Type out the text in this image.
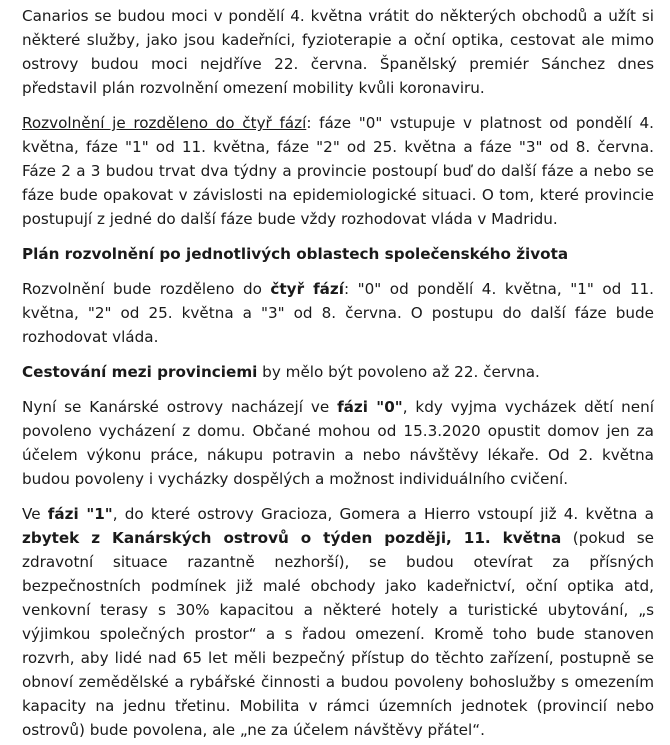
Canarios se budou moci v pondělí 4. května vrátit do některých obchodů a užít si některé služby, jako jsou kadeřníci, fyzioterapie a oční optika, cestovat ale mimo ostrovy budou moci nejdříve 22. června. Španělský premiér Sánchez dnes představil plán rozvolnění omezení mobility kvůli koronaviru.

Rozvolnění je rozděleno do čtyř fází: fáze "0" vstupuje v platnost od pondělí 4. května, fáze "1" od 11. května, fáze "2" od 25. května a fáze "3" od 8. června. Fáze 2 a 3 budou trvat dva týdny a provincie postoupí buď do další fáze a nebo se fáze bude opakovat v závislosti na epidemiologické situaci. O tom, které provincie postupují z jedné do další fáze bude vždy rozhodovat vláda v Madridu.

Plán rozvolnění po jednotlivých oblastech společenského života

Rozvolnění bude rozděleno do čtyř fází: "0" od pondělí 4. května, "1" od 11. května, "2" od 25. května a "3" od 8. června. O postupu do další fáze bude rozhodovat vláda.

Cestování mezi provinciemi by mělo být povoleno až 22. června.

Nyní se Kanárské ostrovy nacházejí ve fázi "0", kdy vyjma vycházek dětí není povoleno vycházení z domu. Občané mohou od 15.3.2020 opustit domov jen za účelem výkonu práce, nákupu potravin a nebo návštěvy lékaře. Od 2. května budou povoleny i vycházky dospělých a možnost individuálního cvičení.

Ve fázi "1", do které ostrovy Gracioza, Gomera a Hierro vstoupí již 4. května a zbytek z Kanárských ostrovů o týden později, 11. května (pokud se zdravotní situace razantně nezhorší), se budou otevírat za přísných bezpečnostních podmínek již malé obchody jako kadeřnictví, oční optika atd, venkovní terasy s 30% kapacitou a některé hotely a turistické ubytování, „s výjimkou společných prostor“ a s řadou omezení. Kromě toho bude stanoven rozvrh, aby lidé nad 65 let měli bezpečný přístup do těchto zařízení, postupně se obnoví zemědělské a rybářské činnosti a budou povoleny bohoslužby s omezením kapacity na jednu třetinu. Mobilita v rámci územních jednotek (provincií nebo ostrovů) bude povolena, ale „ne za účelem návštěvy přátel“.
